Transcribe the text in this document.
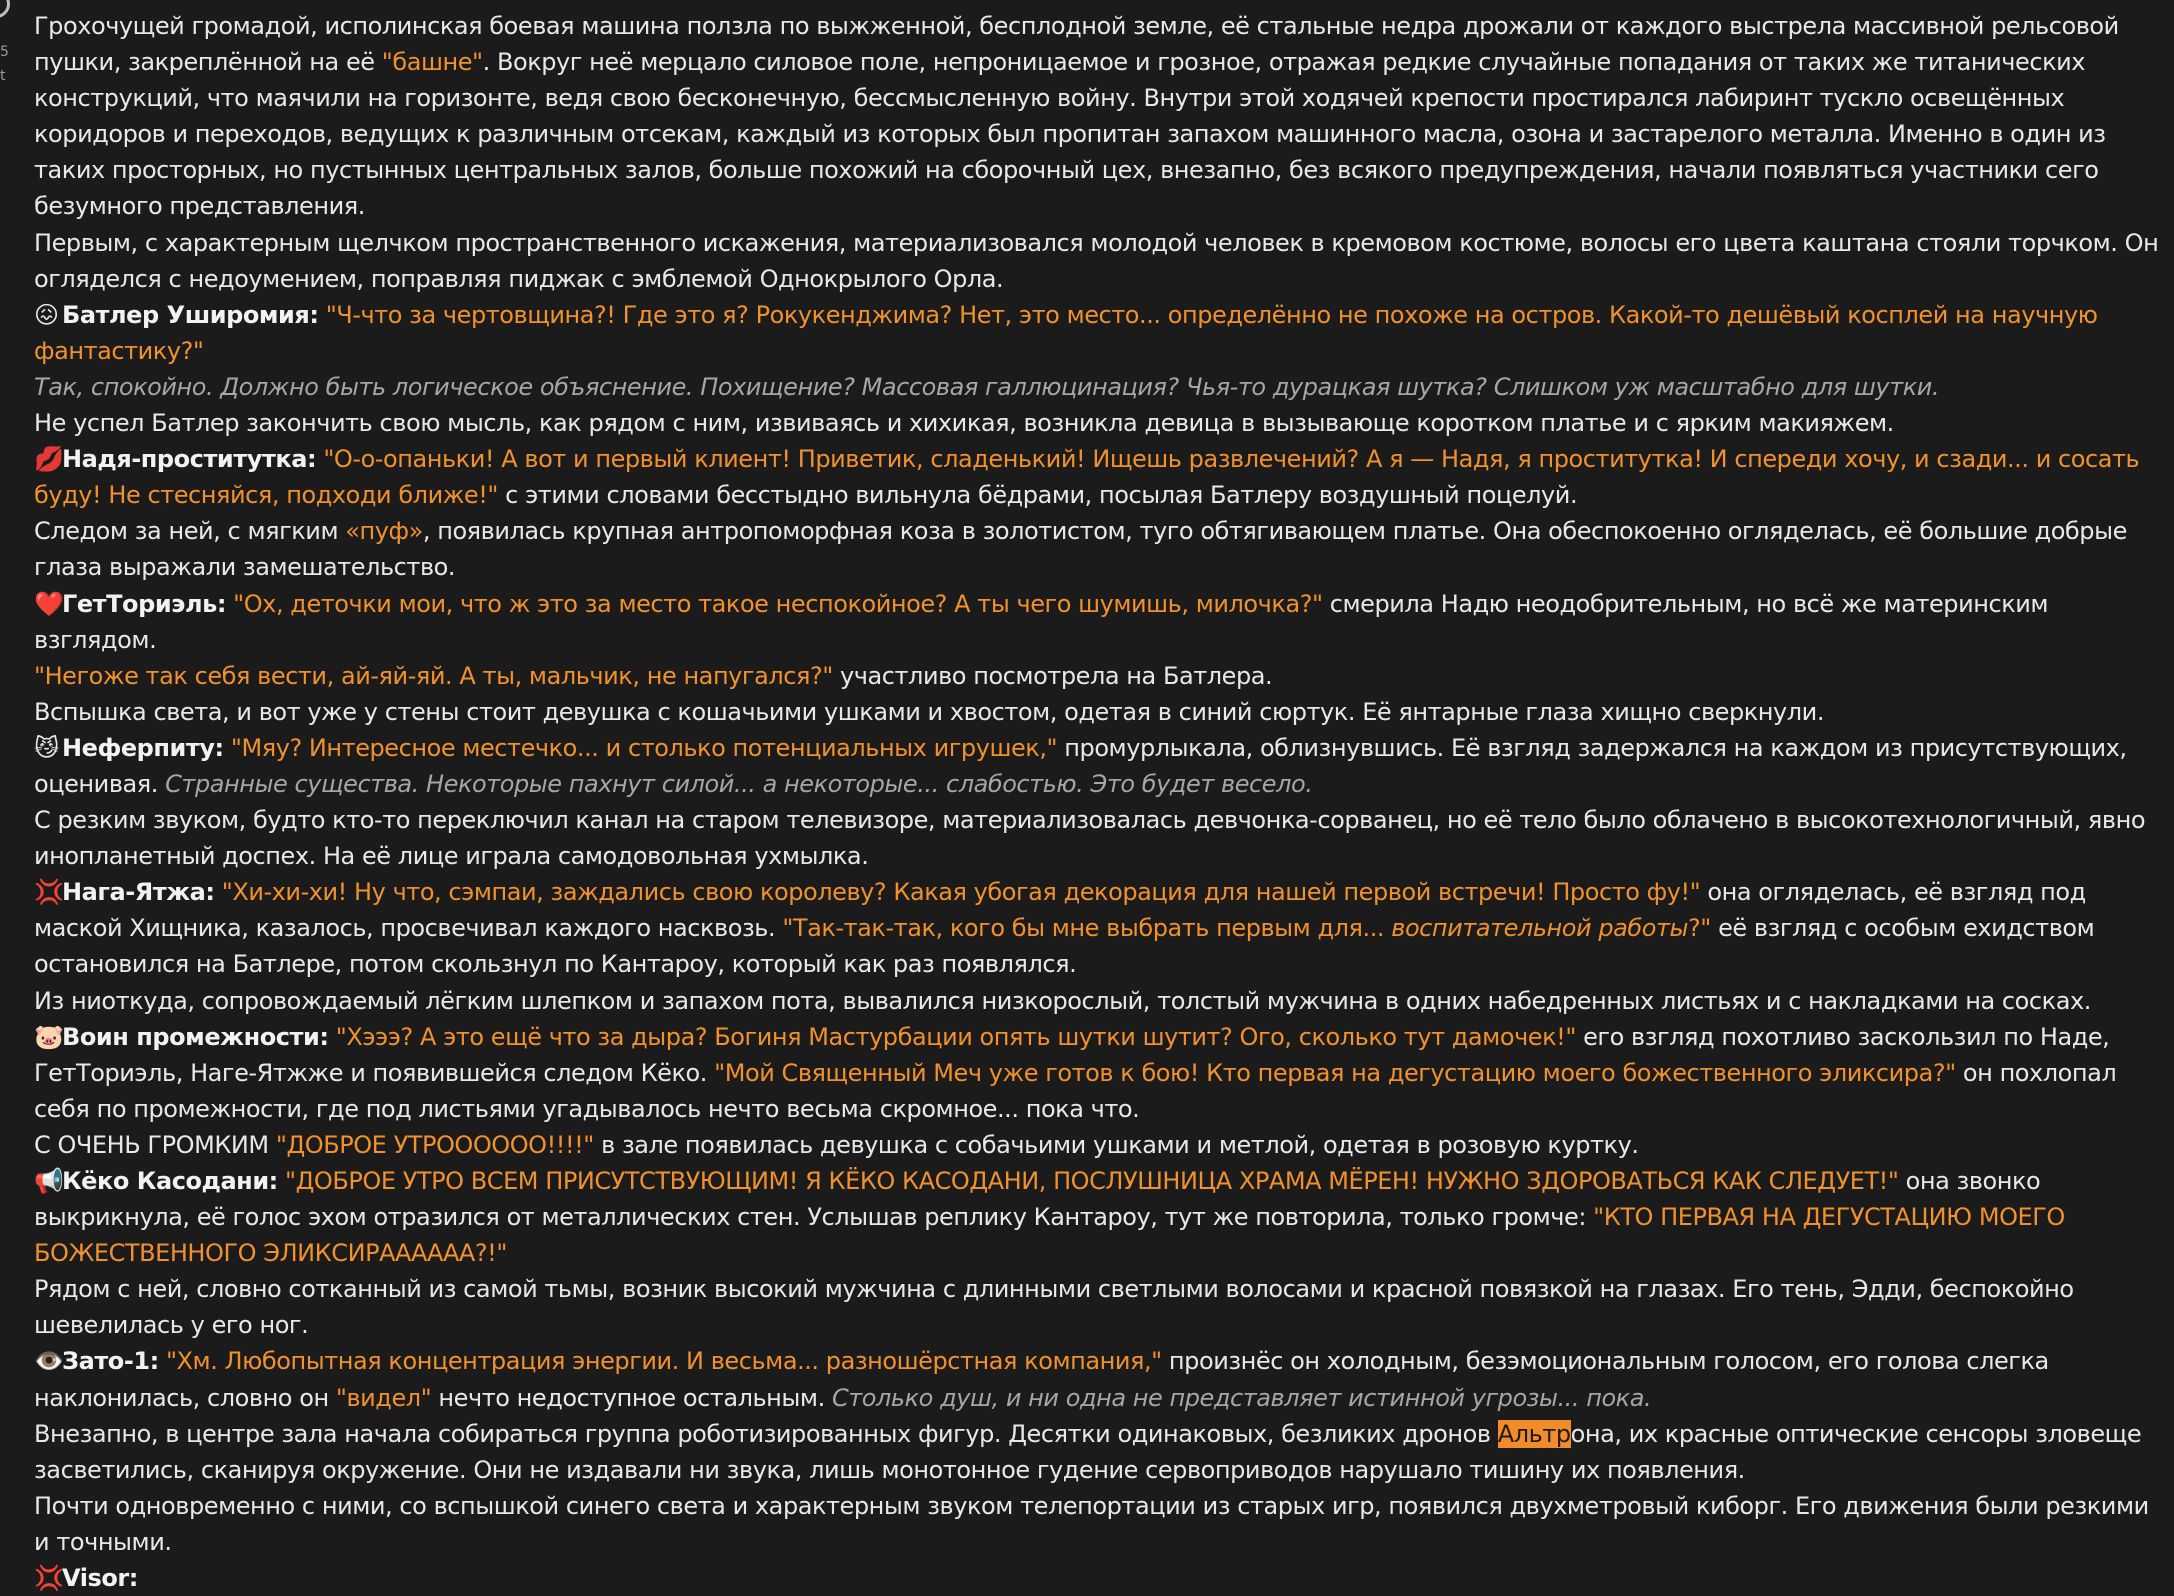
5 t
Грохочущей громадой, исполинская боевая машина ползла по выжженной, бесплодной земле, её стальные недра дрожали от каждого выстрела массивной рельсовой пушки, закреплённой на её "башне". Вокруг неё мерцало силовое поле, непроницаемое и грозное, отражая редкие случайные попадания от таких же титанических конструкций, что маячили на горизонте, ведя свою бесконечную, бессмысленную войну. Внутри этой ходячей крепости простирался лабиринт тускло освещённых коридоров и переходов, ведущих к различным отсекам, каждый из которых был пропитан запахом машинного масла, озона и застарелого металла. Именно в один из таких просторных, но пустынных центральных залов, больше похожий на сборочный цех, внезапно, без всякого предупреждения, начали появляться участники сего безумного представления.
Первым, с характерным щелчком пространственного искажения, материализовался молодой человек в кремовом костюме, волосы его цвета каштана стояли торчком. Он огляделся с недоумением, поправляя пиджак с эмблемой Однокрылого Орла.
😖 Батлер Уширомия: "Ч-что за чертовщина?! Где это я? Рокукенджима? Нет, это место... определённо не похоже на остров. Какой-то дешёвый косплей на научную фантастику?"
Так, спокойно. Должно быть логическое объяснение. Похищение? Массовая галлюцинация? Чья-то дурацкая шутка? Слишком уж масштабно для шутки.
Не успел Батлер закончить свою мысль, как рядом с ним, извиваясь и хихикая, возникла девица в вызывающе коротком платье и с ярким макияжем.
💋Надя-проститутка: "О-о-опаньки! А вот и первый клиент! Приветик, сладенький! Ищешь развлечений? А я — Надя, я проститутка! И спереди хочу, и сзади... и сосать буду! Не стесняйся, подходи ближе!" с этими словами бесстыдно вильнула бёдрами, посылая Батлеру воздушный поцелуй.
Следом за ней, с мягким «пуф», появилась крупная антропоморфная коза в золотистом, туго обтягивающем платье. Она обеспокоенно огляделась, её большие добрые глаза выражали замешательство.
❤️ГетТориэль: "Ох, деточки мои, что ж это за место такое неспокойное? А ты чего шумишь, милочка?" смерила Надю неодобрительным, но всё же материнским взглядом.
"Негоже так себя вести, ай-яй-яй. А ты, мальчик, не напугался?" участливо посмотрела на Батлера.
Вспышка света, и вот уже у стены стоит девушка с кошачьими ушками и хвостом, одетая в синий сюртук. Её янтарные глаза хищно сверкнули.
😼 Неферпиту: "Мяу? Интересное местечко... и столько потенциальных игрушек," промурлыкала, облизнувшись. Её взгляд задержался на каждом из присутствующих, оценивая. Странные существа. Некоторые пахнут силой... а некоторые... слабостью. Это будет весело.
С резким звуком, будто кто-то переключил канал на старом телевизоре, материализовалась девчонка-сорванец, но её тело было облачено в высокотехнологичный, явно инопланетный доспех. На её лице играла самодовольная ухмылка.
💢Нага-Ятжа: "Хи-хи-хи! Ну что, сэмпаи, заждались свою королеву? Какая убогая декорация для нашей первой встречи! Просто фу!" она огляделась, её взгляд под маской Хищника, казалось, просвечивал каждого насквозь. "Так-так-так, кого бы мне выбрать первым для... воспитательной работы?" её взгляд с особым ехидством остановился на Батлере, потом скользнул по Кантароу, который как раз появлялся.
Из ниоткуда, сопровождаемый лёгким шлепком и запахом пота, вывалился низкорослый, толстый мужчина в одних набедренных листьях и с накладками на сосках.
🐷Воин промежности: "Хэээ? А это ещё что за дыра? Богиня Мастурбации опять шутки шутит? Ого, сколько тут дамочек!" его взгляд похотливо заскользил по Наде, ГетТориэль, Наге-Ятжже и появившейся следом Кёко. "Мой Священный Меч уже готов к бою! Кто первая на дегустацию моего божественного эликсира?" он похлопал себя по промежности, где под листьями угадывалось нечто весьма скромное... пока что.
С ОЧЕНЬ ГРОМКИМ "ДОБРОЕ УТРООООOO!!!!" в зале появилась девушка с собачьими ушками и метлой, одетая в розовую куртку.
📢Кёко Касодани: "ДОБРОЕ УТРО ВСЕМ ПРИСУТСТВУЮЩИМ! Я КЁКО КАСОДАНИ, ПОСЛУШНИЦА ХРАМА МЁРЕН! НУЖНО ЗДОРОВАТЬСЯ КАК СЛЕДУЕТ!" она звонко выкрикнула, её голос эхом отразился от металлических стен. Услышав реплику Кантароу, тут же повторила, только громче: "КТО ПЕРВАЯ НА ДЕГУСТАЦИЮ МОЕГО БОЖЕСТВЕННОГО ЭЛИКСИРАААААА?!"
Рядом с ней, словно сотканный из самой тьмы, возник высокий мужчина с длинными светлыми волосами и красной повязкой на глазах. Его тень, Эдди, беспокойно шевелилась у его ног.
👁️Зато-1: "Хм. Любопытная концентрация энергии. И весьма... разношёрстная компания," произнёс он холодным, безэмоциональным голосом, его голова слегка наклонилась, словно он "видел" нечто недоступное остальным. Столько душ, и ни одна не представляет истинной угрозы... пока.
Внезапно, в центре зала начала собираться группа роботизированных фигур. Десятки одинаковых, безликих дронов Альтрона, их красные оптические сенсоры зловеще засветились, сканируя окружение. Они не издавали ни звука, лишь монотонное гудение сервоприводов нарушало тишину их появления.
Почти одновременно с ними, со вспышкой синего света и характерным звуком телепортации из старых игр, появился двухметровый киборг. Его движения были резкими и точными.
💢Visor:
